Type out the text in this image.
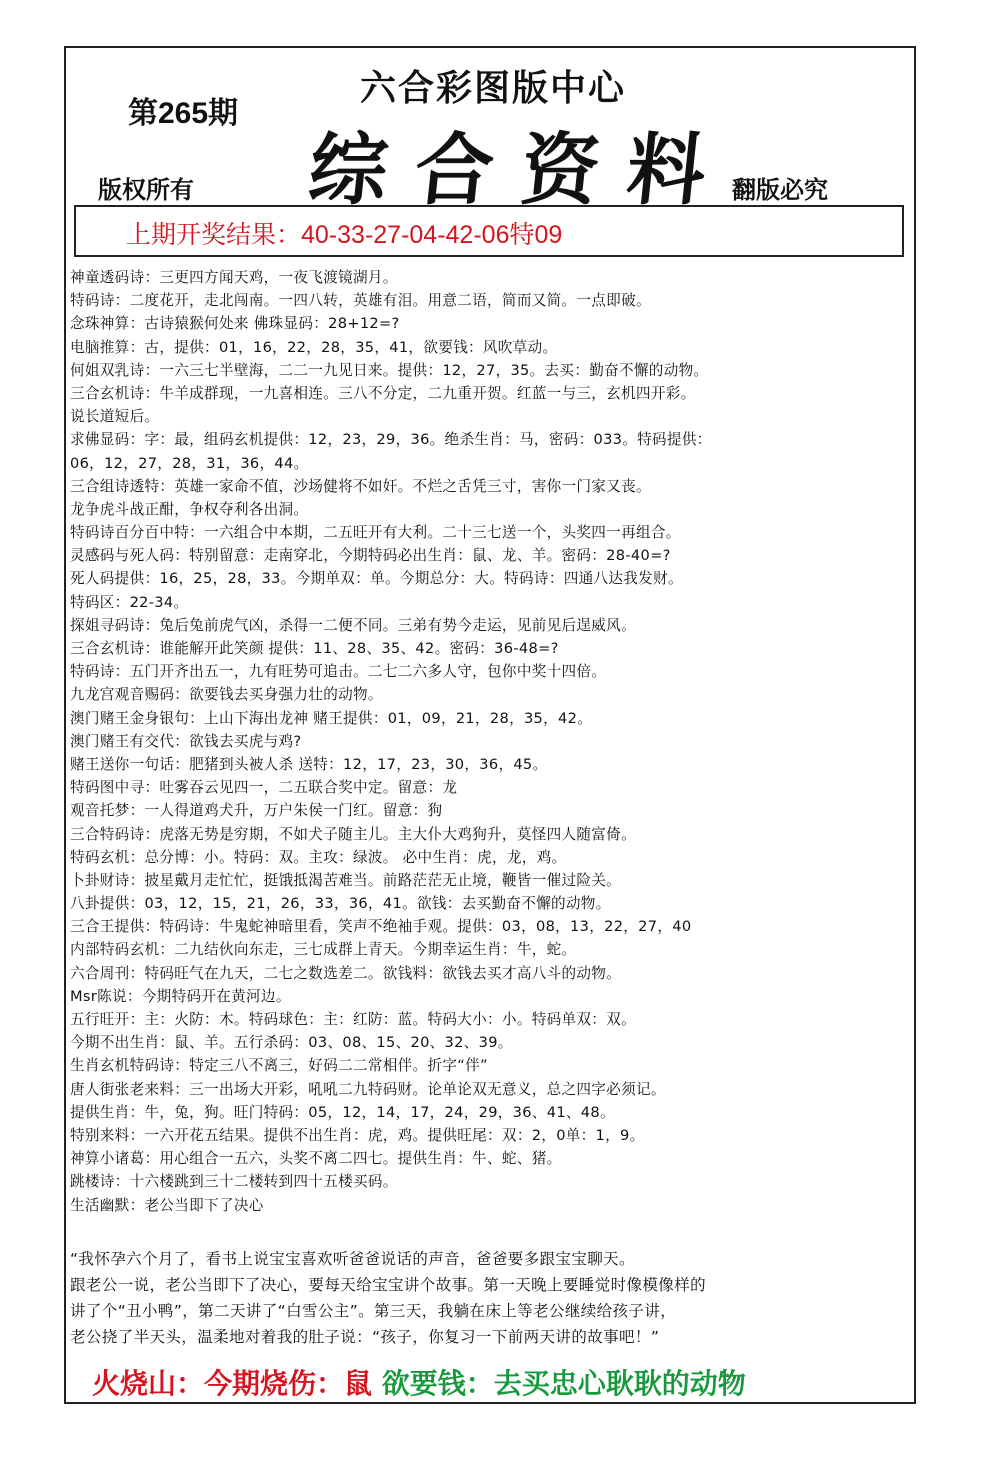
第265期
六合彩图版中心
综合资料
版权所有	翻版必究
上期开奖结果：40-33-27-04-42-06特09
神童透码诗：三更四方闻天鸡，一夜飞渡镜湖月。
特码诗：二度花开，走北闯南。一四八转，英雄有泪。用意二语，简而又简。一点即破。
念珠神算：古诗猿猴何处来 佛珠显码：28+12=?
电脑推算：古，提供：01，16，22，28，35，41，欲要钱：风吹草动。
何姐双乳诗：一六三七半壁海，二二一九见日来。提供：12，27，35。去买：勤奋不懈的动物。
三合玄机诗：牛羊成群现，一九喜相连。三八不分定，二九重开贺。红蓝一与三，玄机四开彩。
说长道短后。
求佛显码：字：最，组码玄机提供：12，23，29，36。绝杀生肖：马，密码：033。特码提供：
06，12，27，28，31，36，44。
三合组诗透特：英雄一家命不值，沙场健将不如奸。不烂之舌凭三寸，害你一门家又丧。
龙争虎斗战正酣，争权夺利各出洞。
特码诗百分百中特：一六组合中本期，二五旺开有大利。二十三七送一个，头奖四一再组合。
灵感码与死人码：特别留意：走南穿北，今期特码必出生肖：鼠、龙、羊。密码：28-40=?
死人码提供：16，25，28，33。今期单双：单。今期总分：大。特码诗：四通八达我发财。
特码区：22-34。
探姐寻码诗：兔后兔前虎气凶，杀得一二便不同。三弟有势今走运，见前见后逞威风。
三合玄机诗：谁能解开此笑颜 提供：11、28、35、42。密码：36-48=?
特码诗：五门开齐出五一，九有旺势可追击。二七二六多人守，包你中奖十四倍。
九龙宫观音赐码：欲要钱去买身强力壮的动物。
澳门赌王金身银句：上山下海出龙神 赌王提供：01，09，21，28，35，42。
澳门赌王有交代：欲钱去买虎与鸡?
赌王送你一句话：肥猪到头被人杀 送特：12，17，23，30，36，45。
特码图中寻：吐雾吞云见四一，二五联合奖中定。留意：龙
观音托梦：一人得道鸡犬升，万户朱侯一门红。留意：狗
三合特码诗：虎落无势是穷期，不如犬子随主儿。主大仆大鸡狗升，莫怪四人随富倚。
特码玄机：总分博：小。特码：双。主攻：绿波。 必中生肖：虎，龙，鸡。
卜卦财诗：披星戴月走忙忙，挺饿抵渴苦难当。前路茫茫无止境，鞭皆一催过险关。
八卦提供：03，12，15，21，26，33，36，41。欲钱：去买勤奋不懈的动物。
三合王提供：特码诗：牛鬼蛇神暗里看，笑声不绝袖手观。提供：03，08，13，22，27，40
内部特码玄机：二九结伙向东走，三七成群上青天。今期幸运生肖：牛，蛇。
六合周刊：特码旺气在九天，二七之数选差二。欲钱料：欲钱去买才高八斗的动物。
Msr陈说：今期特码开在黄河边。
五行旺开：主：火防：木。特码球色：主：红防：蓝。特码大小：小。特码单双：双。
今期不出生肖：鼠、羊。五行杀码：03、08、15、20、32、39。
生肖玄机特码诗：特定三八不离三，好码二二常相伴。折字“伴”
唐人街张老来料：三一出场大开彩，吼吼二九特码财。论单论双无意义，总之四字必须记。
提供生肖：牛，兔，狗。旺门特码：05，12，14，17，24，29，36、41、48。
特别来料：一六开花五结果。提供不出生肖：虎，鸡。提供旺尾：双：2，0单：1，9。
神算小诸葛：用心组合一五六，头奖不离二四七。提供生肖：牛、蛇、猪。
跳楼诗：十六楼跳到三十二楼转到四十五楼买码。
生活幽默：老公当即下了决心
“我怀孕六个月了，看书上说宝宝喜欢听爸爸说话的声音，爸爸要多跟宝宝聊天。
跟老公一说，老公当即下了决心，要每天给宝宝讲个故事。第一天晚上要睡觉时像模像样的
讲了个“丑小鸭”，第二天讲了“白雪公主”。第三天，我躺在床上等老公继续给孩子讲，
老公挠了半天头，温柔地对着我的肚子说：“孩子，你复习一下前两天讲的故事吧！”
火烧山：今期烧伤：鼠 欲要钱：去买忠心耿耿的动物
